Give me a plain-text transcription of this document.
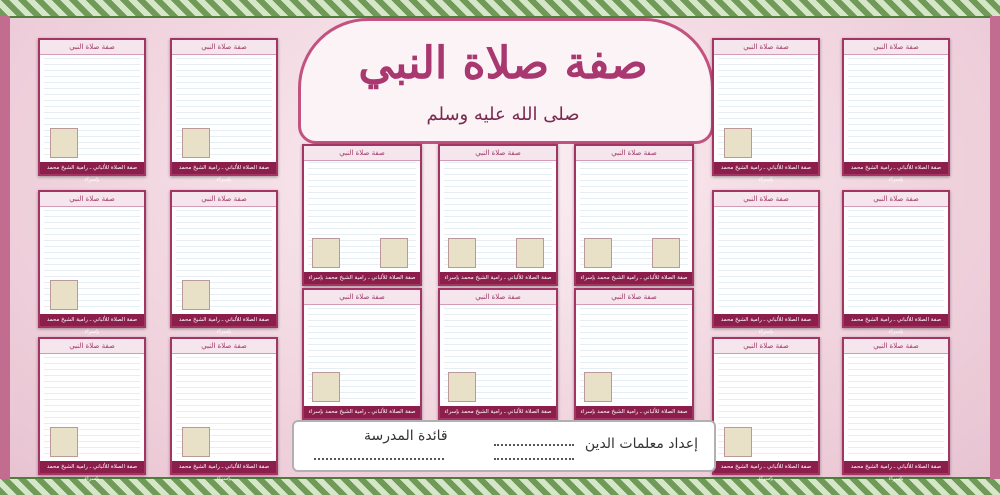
صفة صلاة النبي
صلى الله عليه وسلم
صفة صلاة النبي
صفة الصلاة للألباني ـ رامية الشيخ محمد بإسراء
صفة صلاة النبي
صفة الصلاة للألباني ـ رامية الشيخ محمد بإسراء
صفة صلاة النبي
صفة الصلاة للألباني ـ رامية الشيخ محمد بإسراء
صفة صلاة النبي
صفة الصلاة للألباني ـ رامية الشيخ محمد بإسراء
صفة صلاة النبي
صفة الصلاة للألباني ـ رامية الشيخ محمد بإسراء
صفة صلاة النبي
صفة الصلاة للألباني ـ رامية الشيخ محمد بإسراء
صفة صلاة النبي
صفة الصلاة للألباني ـ رامية الشيخ محمد بإسراء
صفة صلاة النبي
صفة الصلاة للألباني ـ رامية الشيخ محمد بإسراء
صفة صلاة النبي
صفة الصلاة للألباني ـ رامية الشيخ محمد بإسراء
صفة صلاة النبي
صفة الصلاة للألباني ـ رامية الشيخ محمد بإسراء
صفة صلاة النبي
صفة الصلاة للألباني ـ رامية الشيخ محمد بإسراء
صفة صلاة النبي
صفة الصلاة للألباني ـ رامية الشيخ محمد بإسراء
صفة صلاة النبي
صفة الصلاة للألباني ـ رامية الشيخ محمد بإسراء
صفة صلاة النبي
صفة الصلاة للألباني ـ رامية الشيخ محمد بإسراء
صفة صلاة النبي
صفة الصلاة للألباني ـ رامية الشيخ محمد بإسراء
صفة صلاة النبي
صفة الصلاة للألباني ـ رامية الشيخ محمد بإسراء
صفة صلاة النبي
صفة الصلاة للألباني ـ رامية الشيخ محمد بإسراء
صفة صلاة النبي
صفة الصلاة للألباني ـ رامية الشيخ محمد بإسراء
إعداد معلمات الدين
قائدة المدرسة
